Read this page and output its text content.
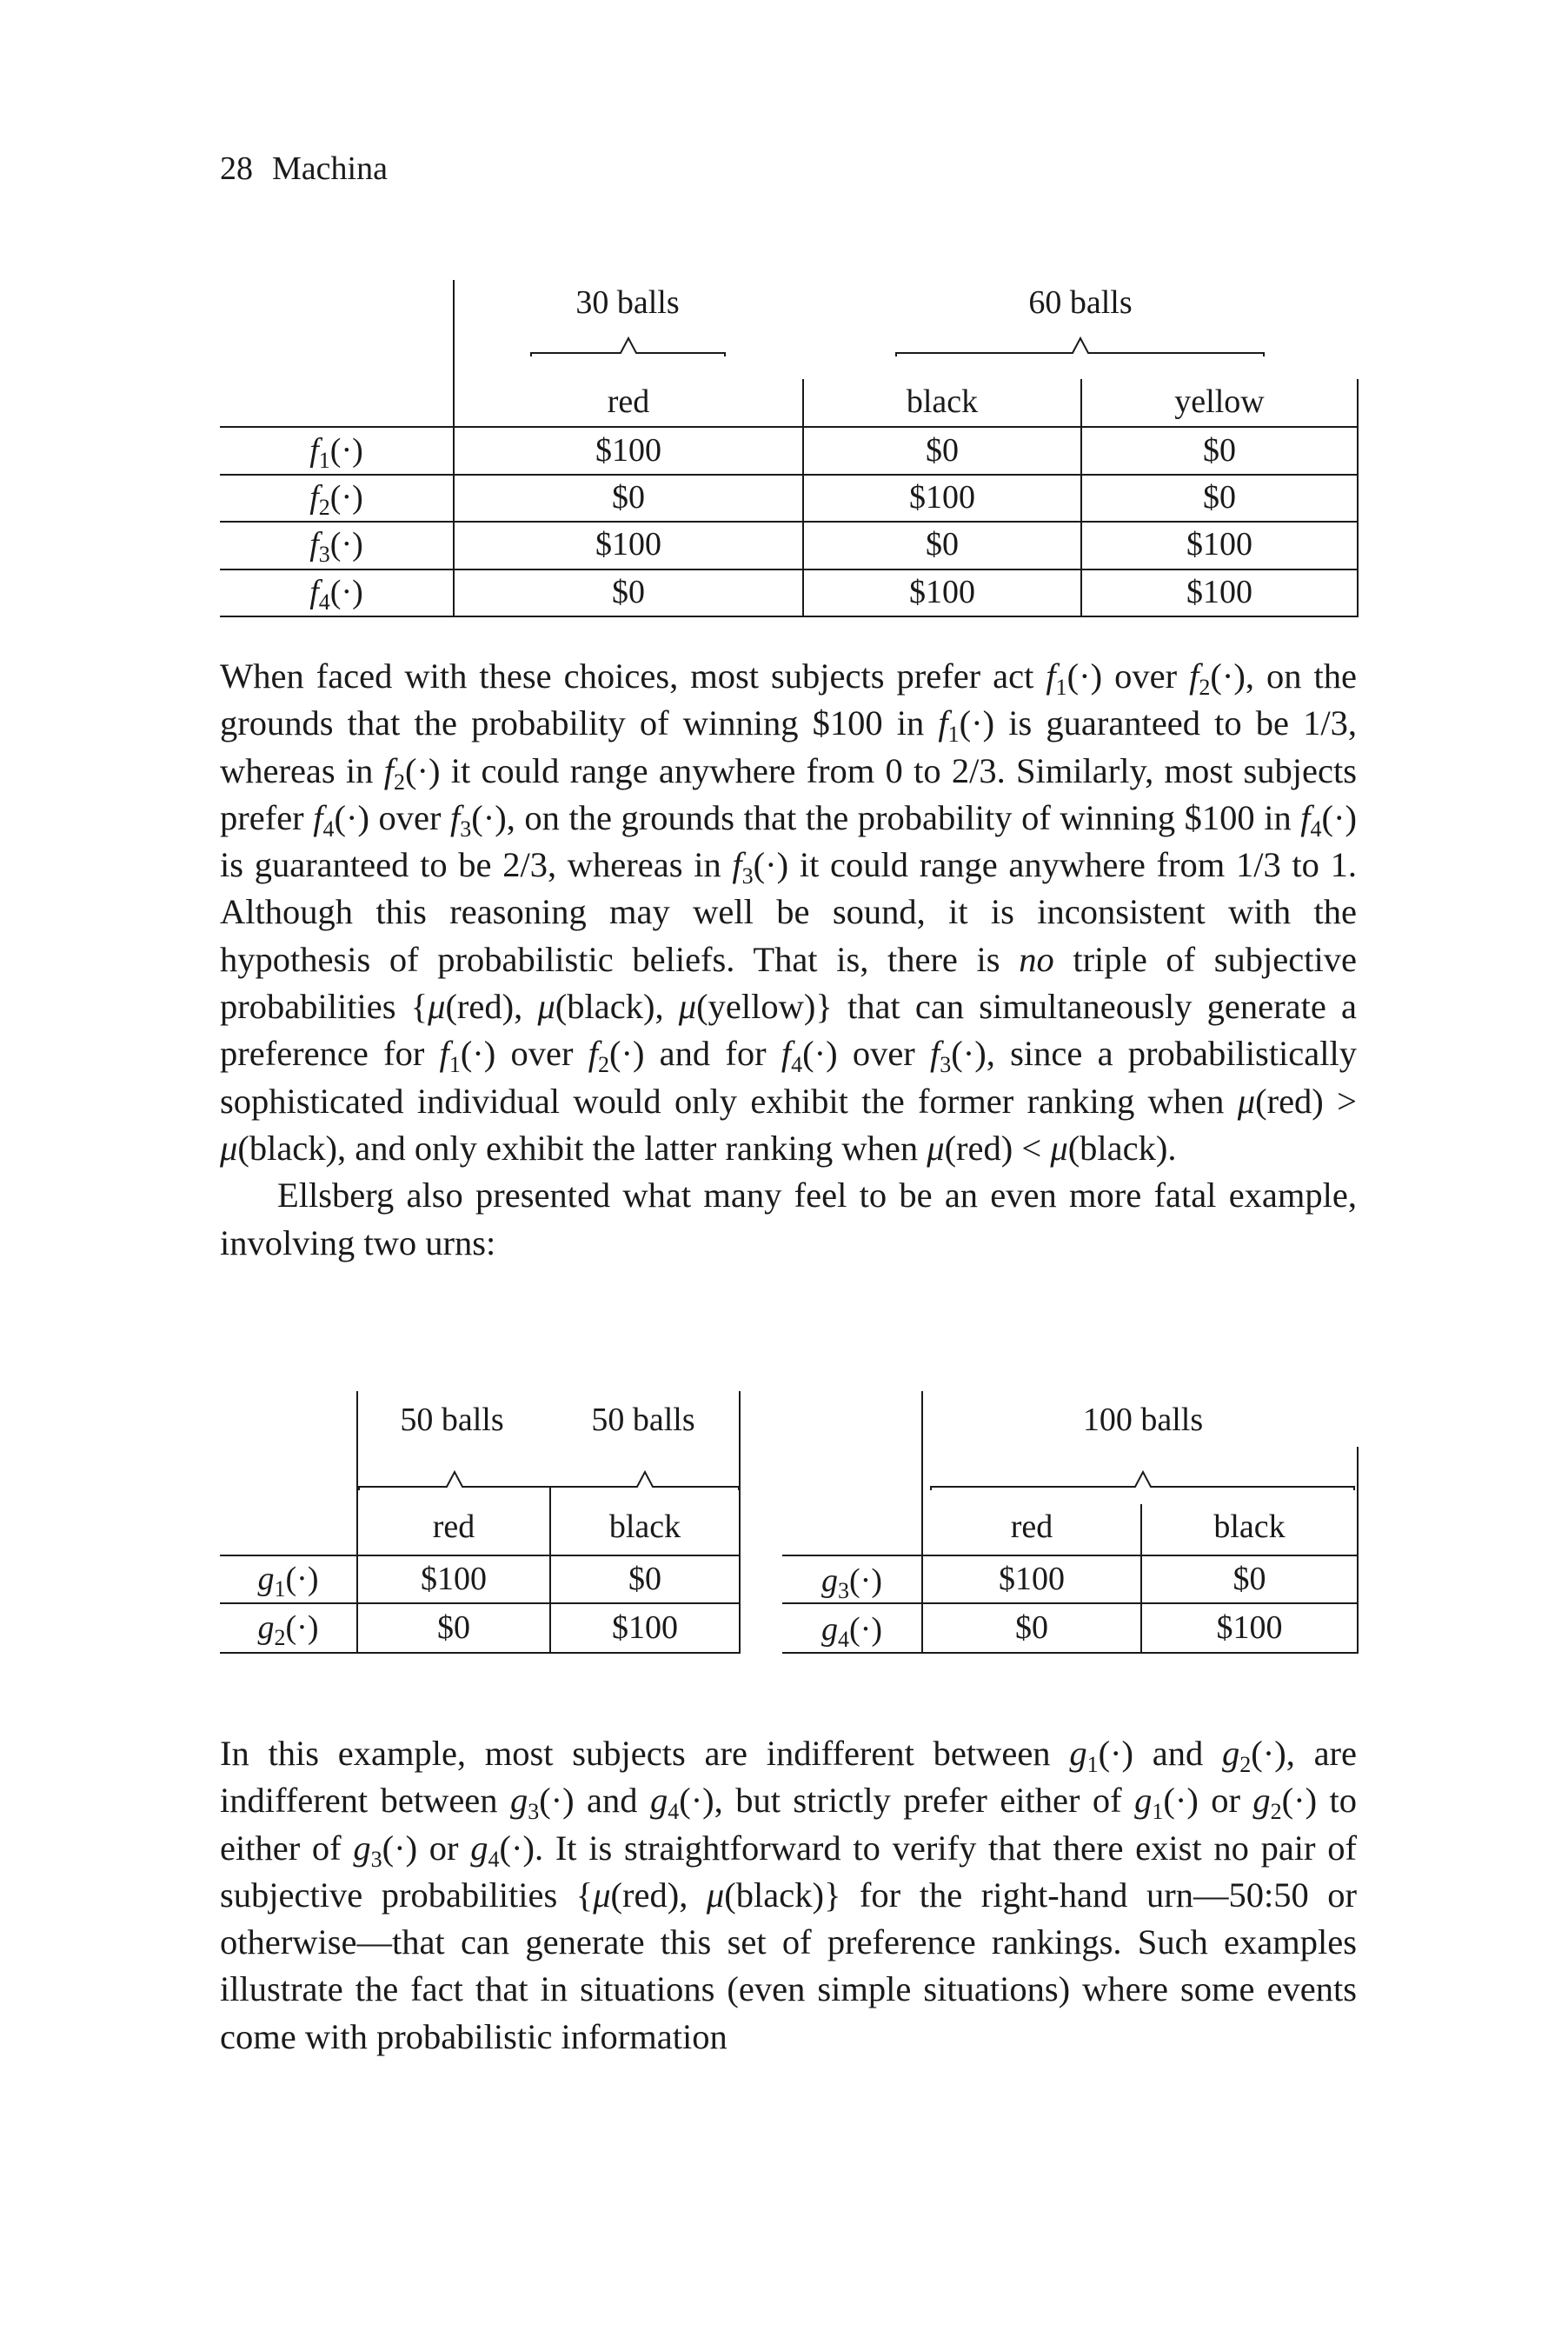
28 Machina
30 balls	60 balls
red	black	yellow
$f_1(\cdot)$	$100	$0	$0
$f_2(\cdot)$	$0	$100	$0
$f_3(\cdot)$	$100	$0	$100
$f_4(\cdot)$	$0	$100	$100

When faced with these choices, most subjects prefer act $f_1(\cdot)$ over $f_2(\cdot)$, on the grounds that the probability of winning $100 in $f_1(\cdot)$ is guaranteed to be 1/3, whereas in $f_2(\cdot)$ it could range anywhere from 0 to 2/3. Similarly, most subjects prefer $f_4(\cdot)$ over $f_3(\cdot)$, on the grounds that the probability of winning $100 in $f_4(\cdot)$ is guaranteed to be 2/3, whereas in $f_3(\cdot)$ it could range anywhere from 1/3 to 1. Although this reasoning may well be sound, it is inconsistent with the hypothesis of probabilistic beliefs. That is, there is no triple of subjective probabilities {μ(red), μ(black), μ(yellow)} that can simultaneously generate a preference for $f_1(\cdot)$ over $f_2(\cdot)$ and for $f_4(\cdot)$ over $f_3(\cdot)$, since a probabilistically sophisticated individual would only exhibit the former ranking when μ(red) > μ(black), and only exhibit the latter ranking when μ(red) < μ(black).

Ellsberg also presented what many feel to be an even more fatal example, involving two urns:

50 balls	50 balls
red	black
$g_1(\cdot)$	$100	$0
$g_2(\cdot)$	$0	$100
100 balls
red	black
$g_3(\cdot)$	$100	$0
$g_4(\cdot)$	$0	$100

In this example, most subjects are indifferent between $g_1(\cdot)$ and $g_2(\cdot)$, are indifferent between $g_3(\cdot)$ and $g_4(\cdot)$, but strictly prefer either of $g_1(\cdot)$ or $g_2(\cdot)$ to either of $g_3(\cdot)$ or $g_4(\cdot)$. It is straightforward to verify that there exist no pair of subjective probabilities {μ(red), μ(black)} for the right-hand urn—50:50 or otherwise—that can generate this set of preference rankings. Such examples illustrate the fact that in situations (even simple situations) where some events come with probabilistic information
